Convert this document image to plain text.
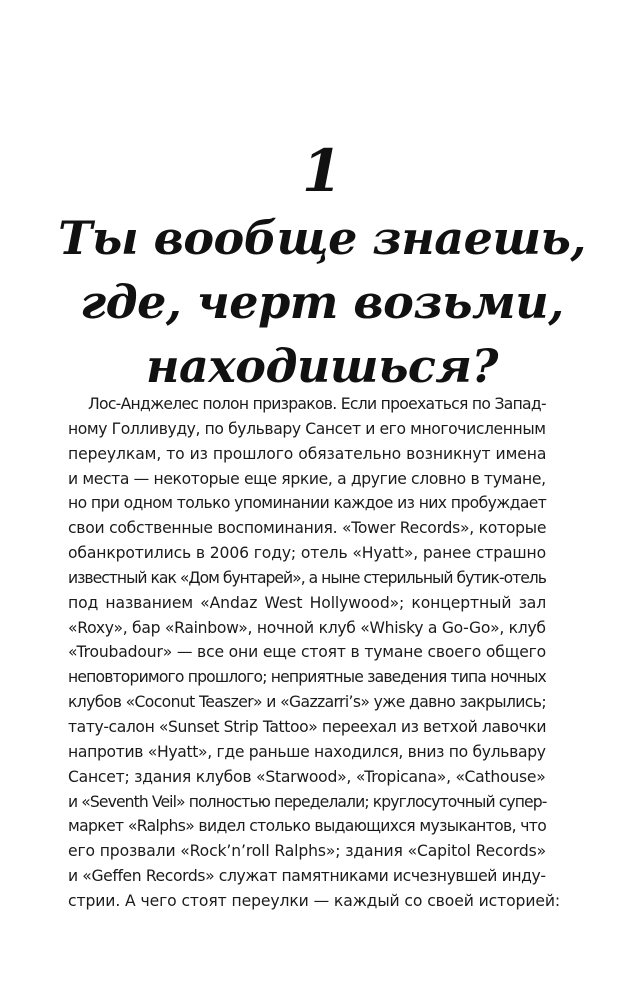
1
Ты вообще знаешь,
где, черт возьми,
находишься?
Лос-Анджелес полон призраков. Если проехаться по Запад-
ному Голливуду, по бульвару Сансет и его многочисленным
переулкам, то из прошлого обязательно возникнут имена
и места — некоторые еще яркие, а другие словно в тумане,
но при одном только упоминании каждое из них пробуждает
свои собственные воспоминания. «Tower Records», которые
обанкротились в 2006 году; отель «Hyatt», ранее страшно
известный как «Дом бунтарей», а ныне стерильный бутик-отель
под названием «Andaz West Hollywood»; концертный зал
«Roxy», бар «Rainbow», ночной клуб «Whisky a Go-Go», клуб
«Troubadour» — все они еще стоят в тумане своего общего
неповторимого прошлого; неприятные заведения типа ночных
клубов «Coconut Teaszer» и «Gazzarri’s» уже давно закрылись;
тату-салон «Sunset Strip Tattoo» переехал из ветхой лавочки
напротив «Hyatt», где раньше находился, вниз по бульвару
Сансет; здания клубов «Starwood», «Tropicana», «Cathouse»
и «Seventh Veil» полностью переделали; круглосуточный супер-
маркет «Ralphs» видел столько выдающихся музыкантов, что
его прозвали «Rock’n’roll Ralphs»; здания «Capitol Records»
и «Geffen Records» служат памятниками исчезнувшей инду-
стрии. А чего стоят переулки — каждый со своей историей:
